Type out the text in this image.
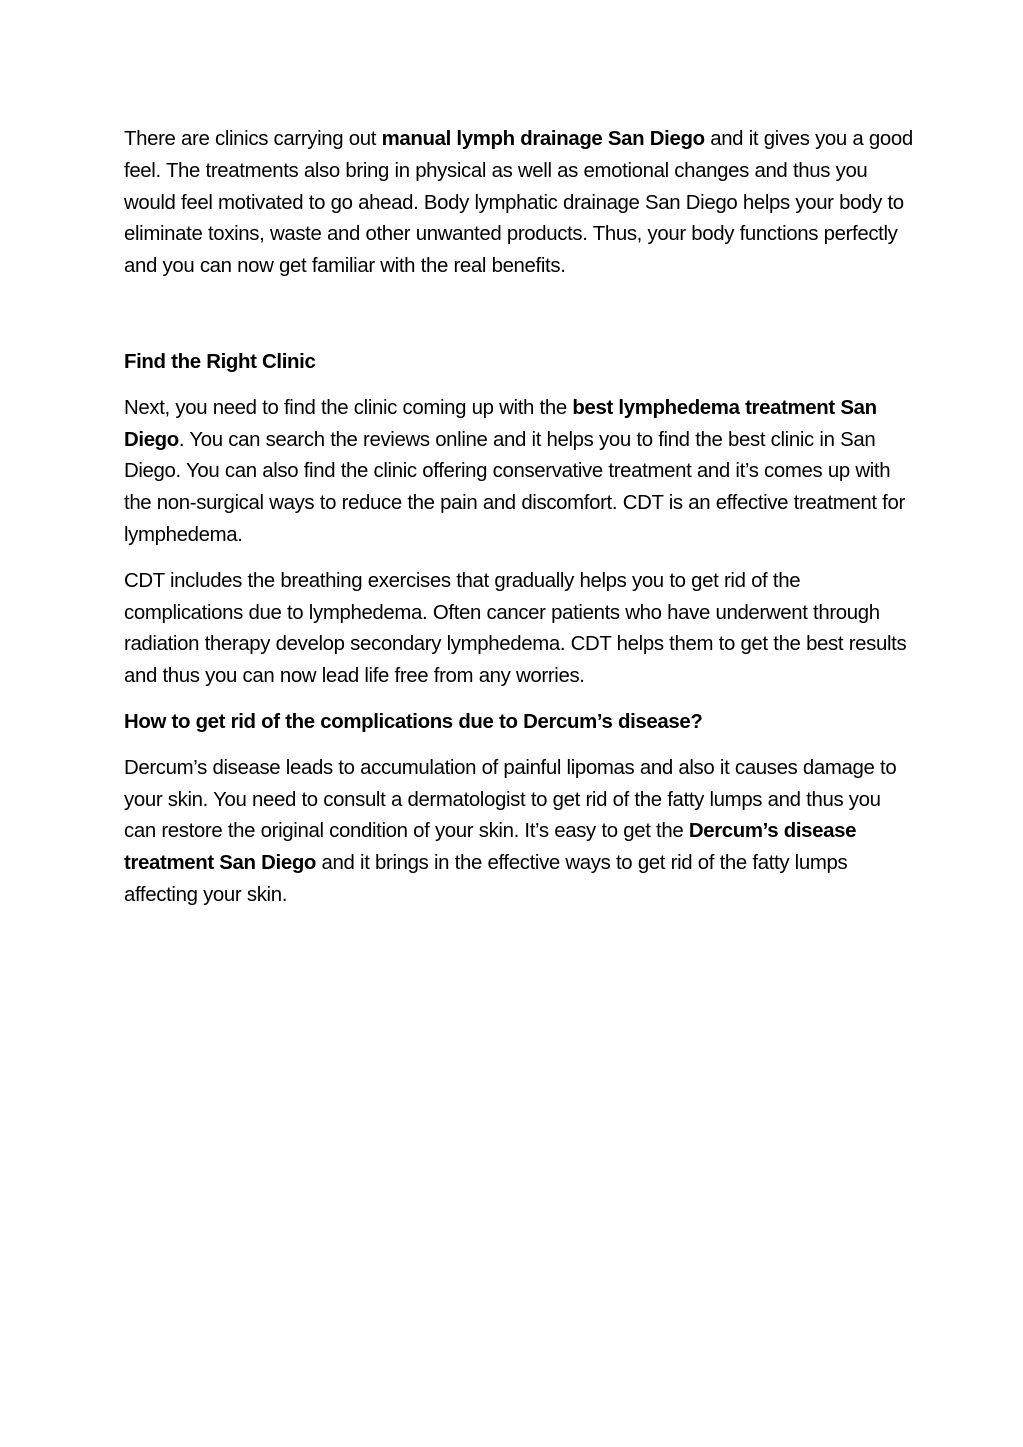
There are clinics carrying out manual lymph drainage San Diego and it gives you a good feel. The treatments also bring in physical as well as emotional changes and thus you would feel motivated to go ahead. Body lymphatic drainage San Diego helps your body to eliminate toxins, waste and other unwanted products. Thus, your body functions perfectly and you can now get familiar with the real benefits.

Find the Right Clinic

Next, you need to find the clinic coming up with the best lymphedema treatment San Diego. You can search the reviews online and it helps you to find the best clinic in San Diego. You can also find the clinic offering conservative treatment and it’s comes up with the non-surgical ways to reduce the pain and discomfort. CDT is an effective treatment for lymphedema.

CDT includes the breathing exercises that gradually helps you to get rid of the complications due to lymphedema. Often cancer patients who have underwent through radiation therapy develop secondary lymphedema. CDT helps them to get the best results and thus you can now lead life free from any worries.

How to get rid of the complications due to Dercum’s disease?

Dercum’s disease leads to accumulation of painful lipomas and also it causes damage to your skin. You need to consult a dermatologist to get rid of the fatty lumps and thus you can restore the original condition of your skin. It’s easy to get the Dercum’s disease treatment San Diego and it brings in the effective ways to get rid of the fatty lumps affecting your skin.
